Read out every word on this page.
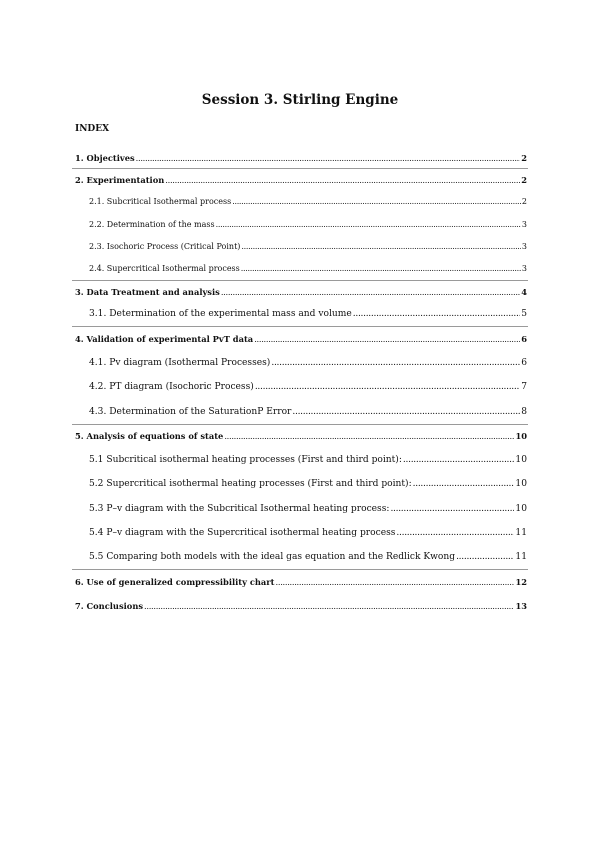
Session 3. Stirling Engine
INDEX
1. Objectives .....	2
2. Experimentation .....	2
2.1. Subcritical Isothermal process .....	2
2.2. Determination of the mass .....	3
2.3. Isochoric Process (Critical Point) .....	3
2.4. Supercritical Isothermal process .....	3
3. Data Treatment and analysis .....	4
3.1. Determination of the experimental mass and volume .....	5
4. Validation of experimental PvT data .....	6
4.1. Pv diagram (Isothermal Processes) .....	6
4.2. PT diagram (Isochoric Process) .....	7
4.3. Determination of the SaturationP Error .....	8
5. Analysis of equations of state .....	10
5.1 Subcritical isothermal heating processes (First and third point): .....	10
5.2 Supercritical isothermal heating processes (First and third point): .....	10
5.3 P–v diagram with the Subcritical Isothermal heating process: .....	10
5.4 P–v diagram with the Supercritical isothermal heating process .....	11
5.5 Comparing both models with the ideal gas equation and the Redlick Kwong .....	11
6. Use of generalized compressibility chart .....	12
7. Conclusions .....	13
